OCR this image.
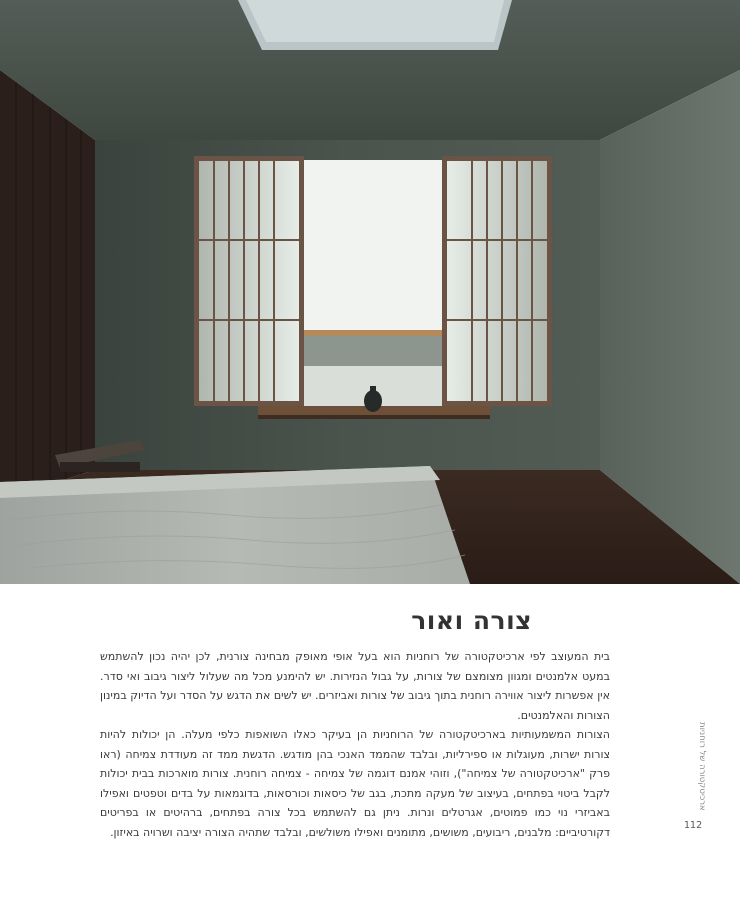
צורה ואור

בית המעוצב לפי ארכיטקטורה של רוחניות הוא בעל אופי מאופק מבחינה צורנית, לכן יהיה נכון להשתמש במעט אלמנטים ומגוון מצומצם של צורות, על גבול הנזירות. יש להימנע מכל מה שעלול ליצור גיבוב ואי סדר. אין אפשרות ליצור אווירה רוחנית בתוך גיבוב של צורות ואביזרים. יש לשים את הדגש על הסדר ועל הדיוק במינון הצורות והאלמנטים.

הצורות המשמעותיות בארכיטקטורה של הרוחניות הן בעיקר כאלו השואפות כלפי מעלה. הן יכולות להיות צורות ישרות, מעוגלות או ספירליות, ובלבד שהממד האנכי בהן מודגש. הדגשת ממד זה מעודדת צמיחה (ראו פרק "ארכיטקטורה של צמיחה"), וזוהי אמנם דוגמה של צמיחה - צמיחה רוחנית. צורות מוארכות בבית יכולות לקבל ביטוי בפתחים, בעיצוב של מעקה מתכת, בגב של כיסאות וכורסאות, בדוגמאות על בדים וטפטים ואפילו באביזרי נוי כמו פמוטים, אגרטלים ונרות. ניתן גם להשתמש בכל צורה בפתחים, ברהיטים או בפריטים דקורטיביים: מלבנים, ריבועים, משושים, מתומנים ואפילו משולשים, ובלבד שתהיה הצורה יציבה ושרויה באיזון.

ארכיטקטורה של רוחניות

112
